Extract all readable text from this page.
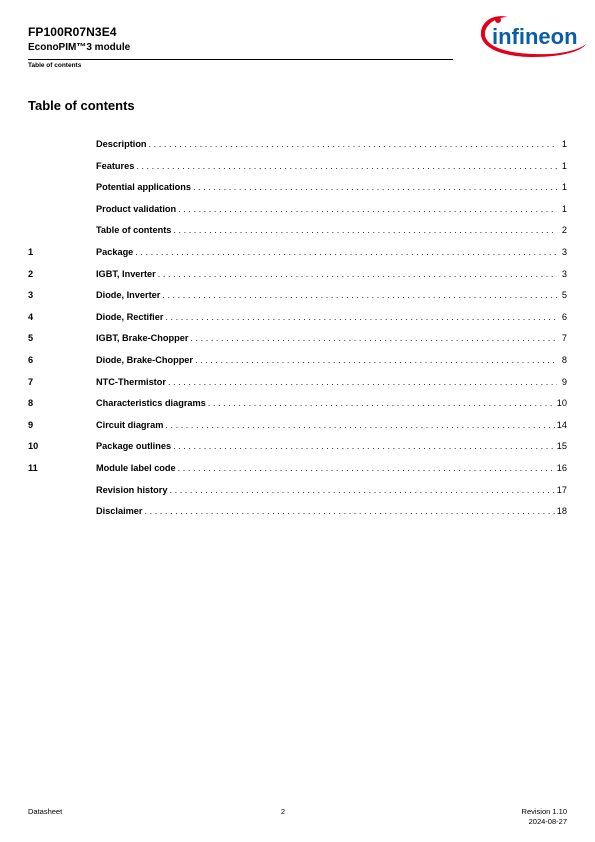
FP100R07N3E4
EconoPIM™3 module
Table of contents
infineon
Table of contents
Description . . .	1
Features . . .	1
Potential applications . . .	1
Product validation . . .	1
Table of contents . . .	2
1	Package . . .	3
2	IGBT, Inverter . . .	3
3	Diode, Inverter . . .	5
4	Diode, Rectifier . . .	6
5	IGBT, Brake-Chopper . . .	7
6	Diode, Brake-Chopper . . .	8
7	NTC-Thermistor . . .	9
8	Characteristics diagrams . . .	10
9	Circuit diagram . . .	14
10	Package outlines . . .	15
11	Module label code . . .	16
Revision history . . .	17
Disclaimer . . .	18
Datasheet	2	Revision 1.10
2024-08-27
